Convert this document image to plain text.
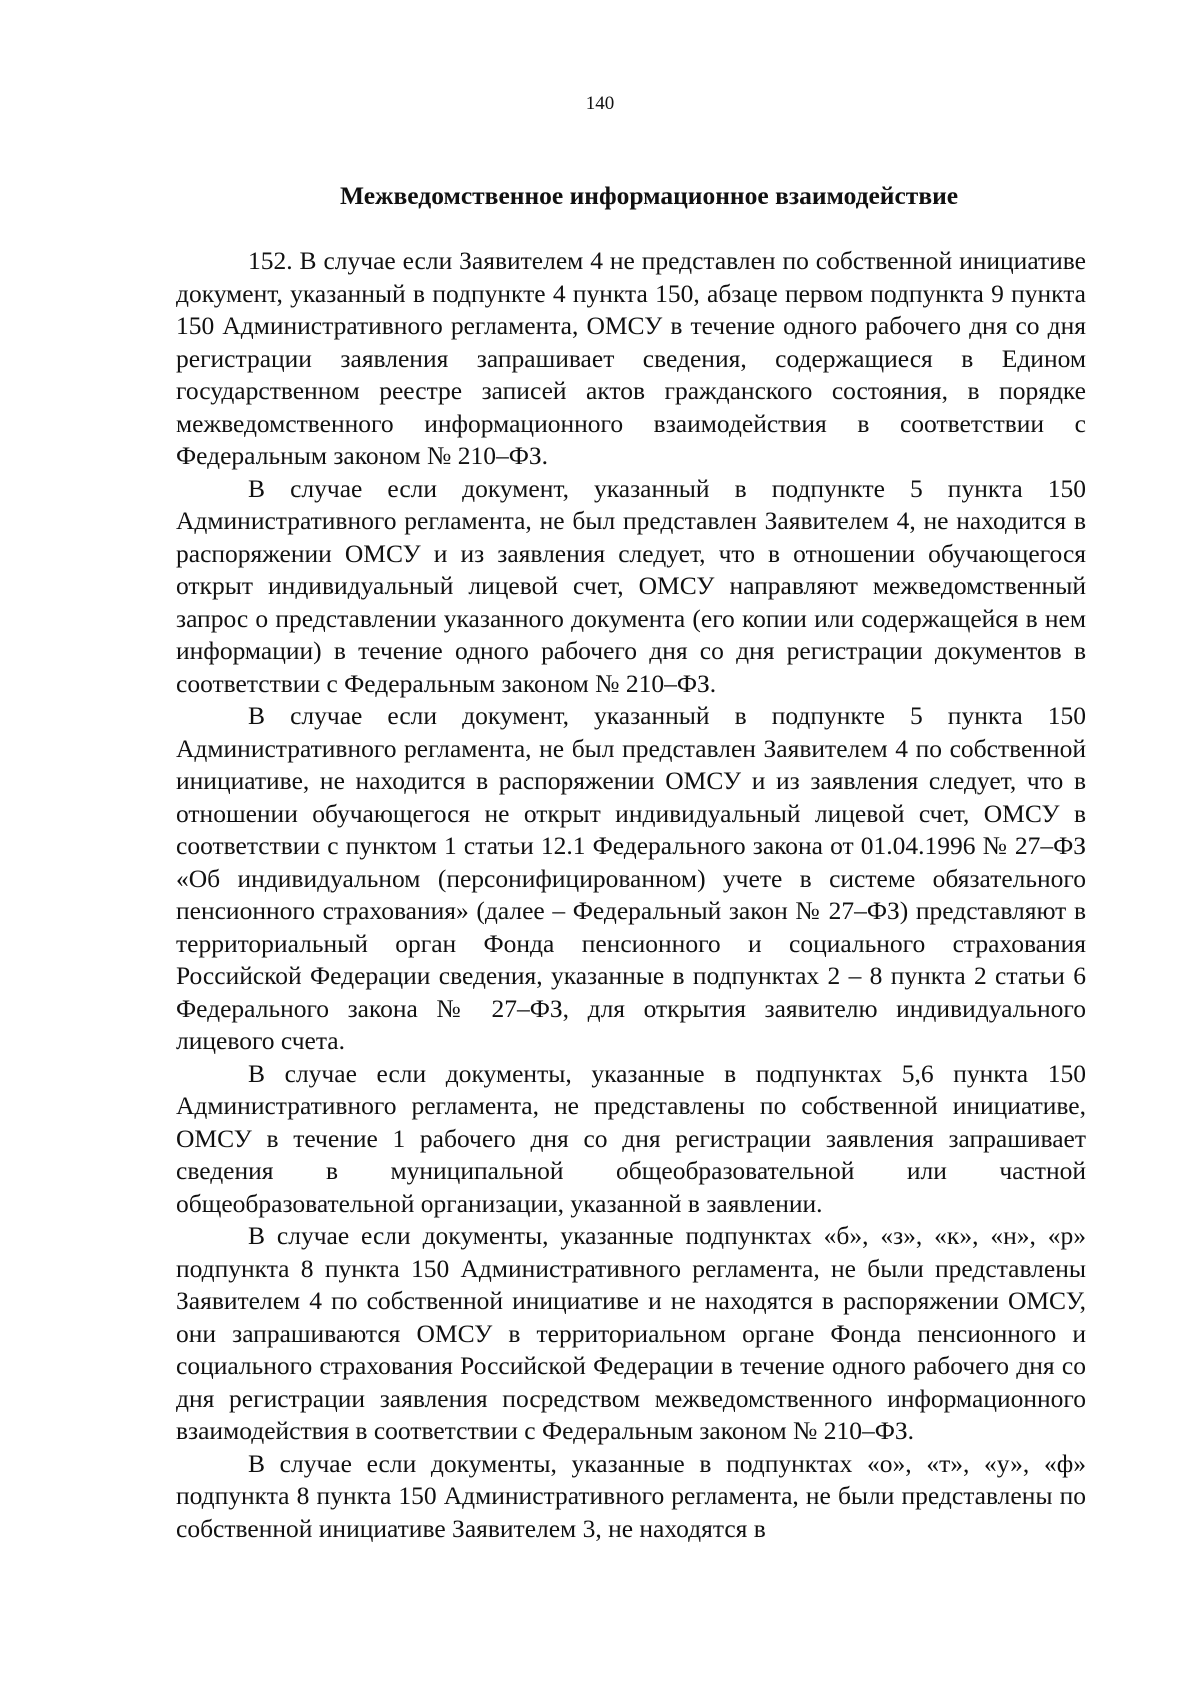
140
Межведомственное информационное взаимодействие

152. В случае если Заявителем 4 не представлен по собственной инициативе документ, указанный в подпункте 4 пункта 150, абзаце первом подпункта 9 пункта 150 Административного регламента, ОМСУ в течение одного рабочего дня со дня регистрации заявления запрашивает сведения, содержащиеся в Едином государственном реестре записей актов гражданского состояния, в порядке межведомственного информационного взаимодействия в соответствии с Федеральным законом № 210–ФЗ.

В случае если документ, указанный в подпункте 5 пункта 150 Административного регламента, не был представлен Заявителем 4, не находится в распоряжении ОМСУ и из заявления следует, что в отношении обучающегося открыт индивидуальный лицевой счет, ОМСУ направляют межведомственный запрос о представлении указанного документа (его копии или содержащейся в нем информации) в течение одного рабочего дня со дня регистрации документов в соответствии с Федеральным законом № 210–ФЗ.

В случае если документ, указанный в подпункте 5 пункта 150 Административного регламента, не был представлен Заявителем 4 по собственной инициативе, не находится в распоряжении ОМСУ и из заявления следует, что в отношении обучающегося не открыт индивидуальный лицевой счет, ОМСУ в соответствии с пунктом 1 статьи 12.1 Федерального закона от 01.04.1996 № 27–ФЗ «Об индивидуальном (персонифицированном) учете в системе обязательного пенсионного страхования» (далее – Федеральный закон № 27–ФЗ) представляют в территориальный орган Фонда пенсионного и социального страхования Российской Федерации сведения, указанные в подпунктах 2 – 8 пункта 2 статьи 6 Федерального закона № 27–ФЗ, для открытия заявителю индивидуального лицевого счета.

В случае если документы, указанные в подпунктах 5,6 пункта 150 Административного регламента, не представлены по собственной инициативе, ОМСУ в течение 1 рабочего дня со дня регистрации заявления запрашивает сведения в муниципальной общеобразовательной или частной общеобразовательной организации, указанной в заявлении.

В случае если документы, указанные подпунктах «б», «з», «к», «н», «р» подпункта 8 пункта 150 Административного регламента, не были представлены Заявителем 4 по собственной инициативе и не находятся в распоряжении ОМСУ, они запрашиваются ОМСУ в территориальном органе Фонда пенсионного и социального страхования Российской Федерации в течение одного рабочего дня со дня регистрации заявления посредством межведомственного информационного взаимодействия в соответствии с Федеральным законом № 210–ФЗ.

В случае если документы, указанные в подпунктах «о», «т», «у», «ф» подпункта 8 пункта 150 Административного регламента, не были представлены по собственной инициативе Заявителем 3, не находятся в
